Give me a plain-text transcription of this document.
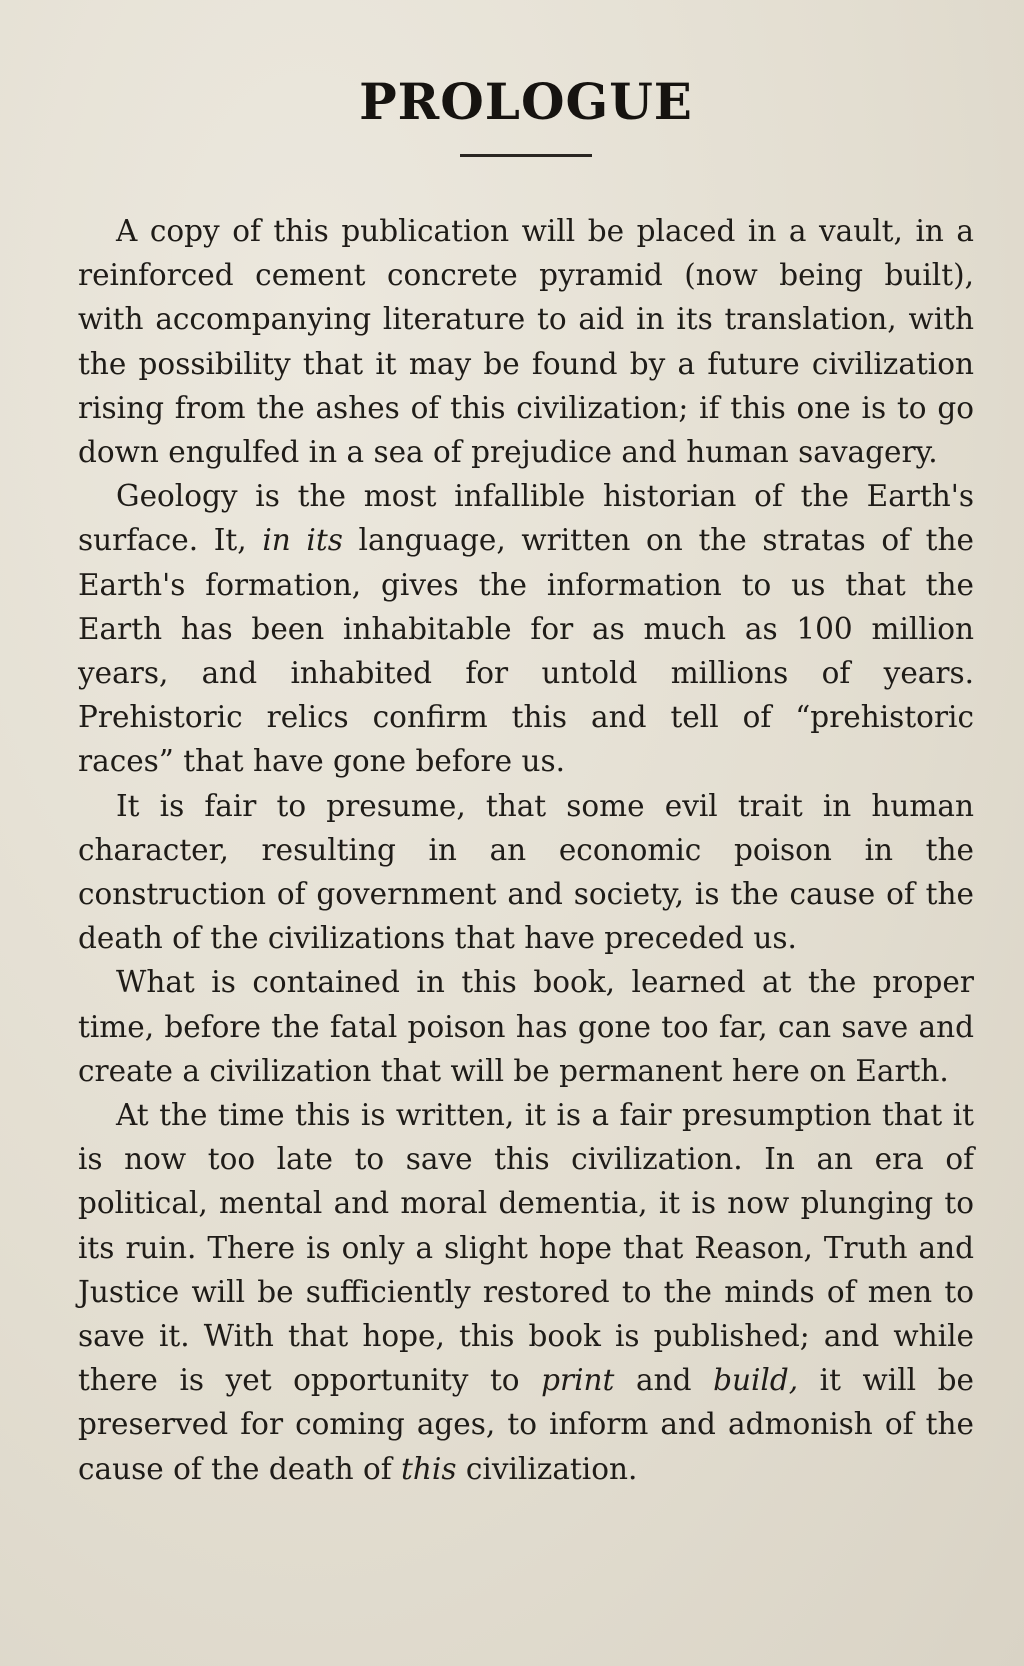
PROLOGUE

A copy of this publication will be placed in a vault, in a reinforced cement concrete pyramid (now being built), with accompanying literature to aid in its translation, with the possibility that it may be found by a future civilization rising from the ashes of this civilization; if this one is to go down engulfed in a sea of prejudice and human savagery.

Geology is the most infallible historian of the Earth's surface. It, in its language, written on the stratas of the Earth's formation, gives the information to us that the Earth has been inhabitable for as much as 100 million years, and inhabited for untold millions of years. Prehistoric relics confirm this and tell of “prehistoric races” that have gone before us.

It is fair to presume, that some evil trait in human character, resulting in an economic poison in the construction of government and society, is the cause of the death of the civilizations that have preceded us.

What is contained in this book, learned at the proper time, before the fatal poison has gone too far, can save and create a civilization that will be permanent here on Earth.

At the time this is written, it is a fair presumption that it is now too late to save this civilization. In an era of political, mental and moral dementia, it is now plunging to its ruin. There is only a slight hope that Reason, Truth and Justice will be sufficiently restored to the minds of men to save it. With that hope, this book is published; and while there is yet opportunity to print and build, it will be preserved for coming ages, to inform and admonish of the cause of the death of this civilization.
